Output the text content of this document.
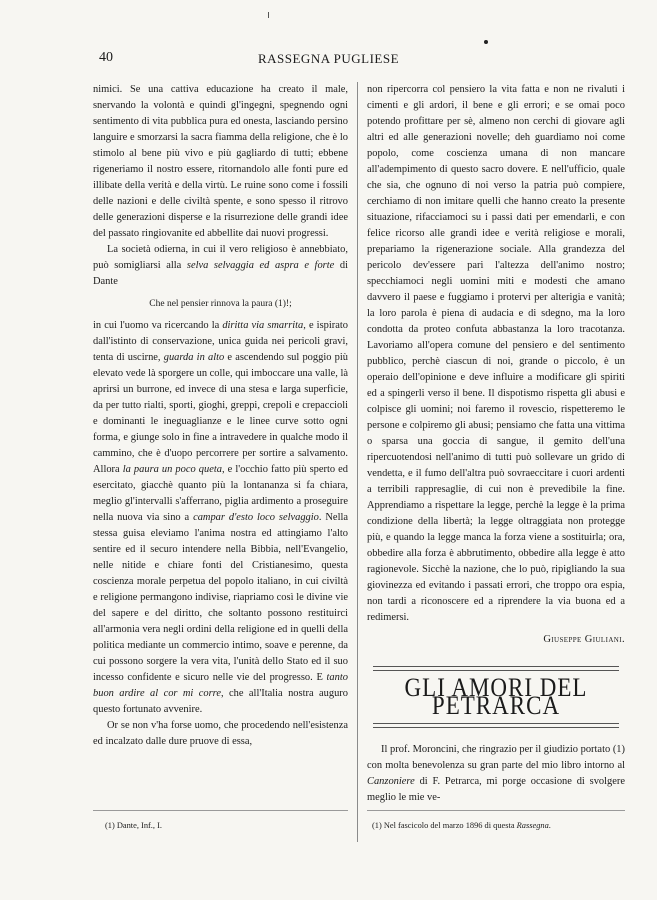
40	RASSEGNA PUGLIESE

nimici. Se una cattiva educazione ha creato il male, snervando la volontà e quindi gl'ingegni, spegnendo ogni sentimento di vita pubblica pura ed onesta, lasciando persino languire e smorzarsi la sacra fiamma della religione, che è lo stimolo al bene più vivo e più gagliardo di tutti; ebbene rigeneriamo il nostro essere, ritornandolo alle fonti pure ed illibate della verità e della virtù. Le ruine sono come i fossili delle nazioni e delle civiltà spente, e sono spesso il ritrovo delle generazioni disperse e la risurrezione delle grandi idee del passato ringiovanite ed abbellite dai nuovi progressi.

La società odierna, in cui il vero religioso è annebbiato, può somigliarsi alla selva selvaggia ed aspra e forte di Dante

Che nel pensier rinnova la paura (1)!;

in cui l'uomo va ricercando la diritta via smarrita, e ispirato dall'istinto di conservazione, unica guida nei pericoli gravi, tenta di uscirne, guarda in alto e ascendendo sul poggio più elevato vede là sporgere un colle, qui imboccare una valle, là aprirsi un burrone, ed invece di una stesa e larga superficie, da per tutto rialti, sporti, gioghi, greppi, crepoli e crepaccioli e dominanti le ineguaglianze e le linee curve sotto ogni forma, e giunge solo in fine a intravedere in qualche modo il cammino, che è d'uopo percorrere per sortire a salvamento. Allora la paura un poco queta, e l'occhio fatto più sperto ed esercitato, giacchè quanto più la lontananza si fa chiara, meglio gl'intervalli s'afferrano, piglia ardimento a proseguire nella nuova via sino a campar d'esto loco selvaggio. Nella stessa guisa eleviamo l'anima nostra ed attingiamo l'alto sentire ed il securo intendere nella Bibbia, nell'Evangelio, nelle nitide e chiare fonti del Cristianesimo, questa coscienza morale perpetua del popolo italiano, in cui civiltà e religione permangono indivise, riapriamo così le divine vie del sapere e del diritto, che soltanto possono restituirci all'armonia vera negli ordini della religione ed in quelli della politica mediante un commercio intimo, soave e perenne, da cui possono sorgere la vera vita, l'unità dello Stato ed il suo incesso confidente e sicuro nelle vie del progresso. E tanto buon ardire al cor mi corre, che all'Italia nostra auguro questo fortunato avvenire.

Or se non v'ha forse uomo, che procedendo nell'esistenza ed incalzato dalle dure pruove di essa,

non ripercorra col pensiero la vita fatta e non ne rivaluti i cimenti e gli ardori, il bene e gli errori; e se omai poco potendo profittare per sè, almeno non cerchi di giovare agli altri ed alle generazioni novelle; deh guardiamo noi come popolo, come coscienza umana di non mancare all'adempimento di questo sacro dovere. E nell'ufficio, quale che sia, che ognuno di noi verso la patria può compiere, cerchiamo di non imitare quelli che hanno creato la presente situazione, rifacciamoci su i passi dati per emendarli, e con felice ricorso alle grandi idee e verità religiose e morali, prepariamo la rigenerazione sociale. Alla grandezza del pericolo dev'essere pari l'altezza dell'animo nostro; specchiamoci negli uomini miti e modesti che amano davvero il paese e fuggiamo i protervi per alterigia e vanità; la loro parola è piena di audacia e di sdegno, ma la loro condotta da proteo confuta abbastanza la loro tracotanza. Lavoriamo all'opera comune del pensiero e del sentimento pubblico, perchè ciascun di noi, grande o piccolo, è un operaio dell'opinione e deve influire a modificare gli spiriti ed a spingerli verso il bene. Il dispotismo rispetta gli abusi e colpisce gli uomini; noi faremo il rovescio, rispetteremo le persone e colpiremo gli abusi; pensiamo che fatta una vittima o sparsa una goccia di sangue, il gemito dell'una ripercuotendosi nell'animo di tutti può sollevare un grido di vendetta, e il fumo dell'altra può sovraeccitare i cuori ardenti a terribili rappresaglie, di cui non è prevedibile la fine. Apprendiamo a rispettare la legge, perchè la legge è la prima condizione della libertà; la legge oltraggiata non protegge più, e quando la legge manca la forza viene a sostituirla; ora, obbedire alla forza è abbrutimento, obbedire alla legge è atto ragionevole. Sicchè la nazione, che lo può, ripigliando la sua giovinezza ed evitando i passati errori, che troppo ora espia, non tardi a riconoscere ed a riprendere la via buona ed a redimersi.

Giuseppe Giuliani.

GLI AMORI DEL PETRARCA

Il prof. Moroncini, che ringrazio per il giudizio portato (1) con molta benevolenza su gran parte del mio libro intorno al Canzoniere di F. Petrarca, mi porge occasione di svolgere meglio le mie ve-

(1) Dante, Inf., I.	(1) Nel fascicolo del marzo 1896 di questa Rassegna.
